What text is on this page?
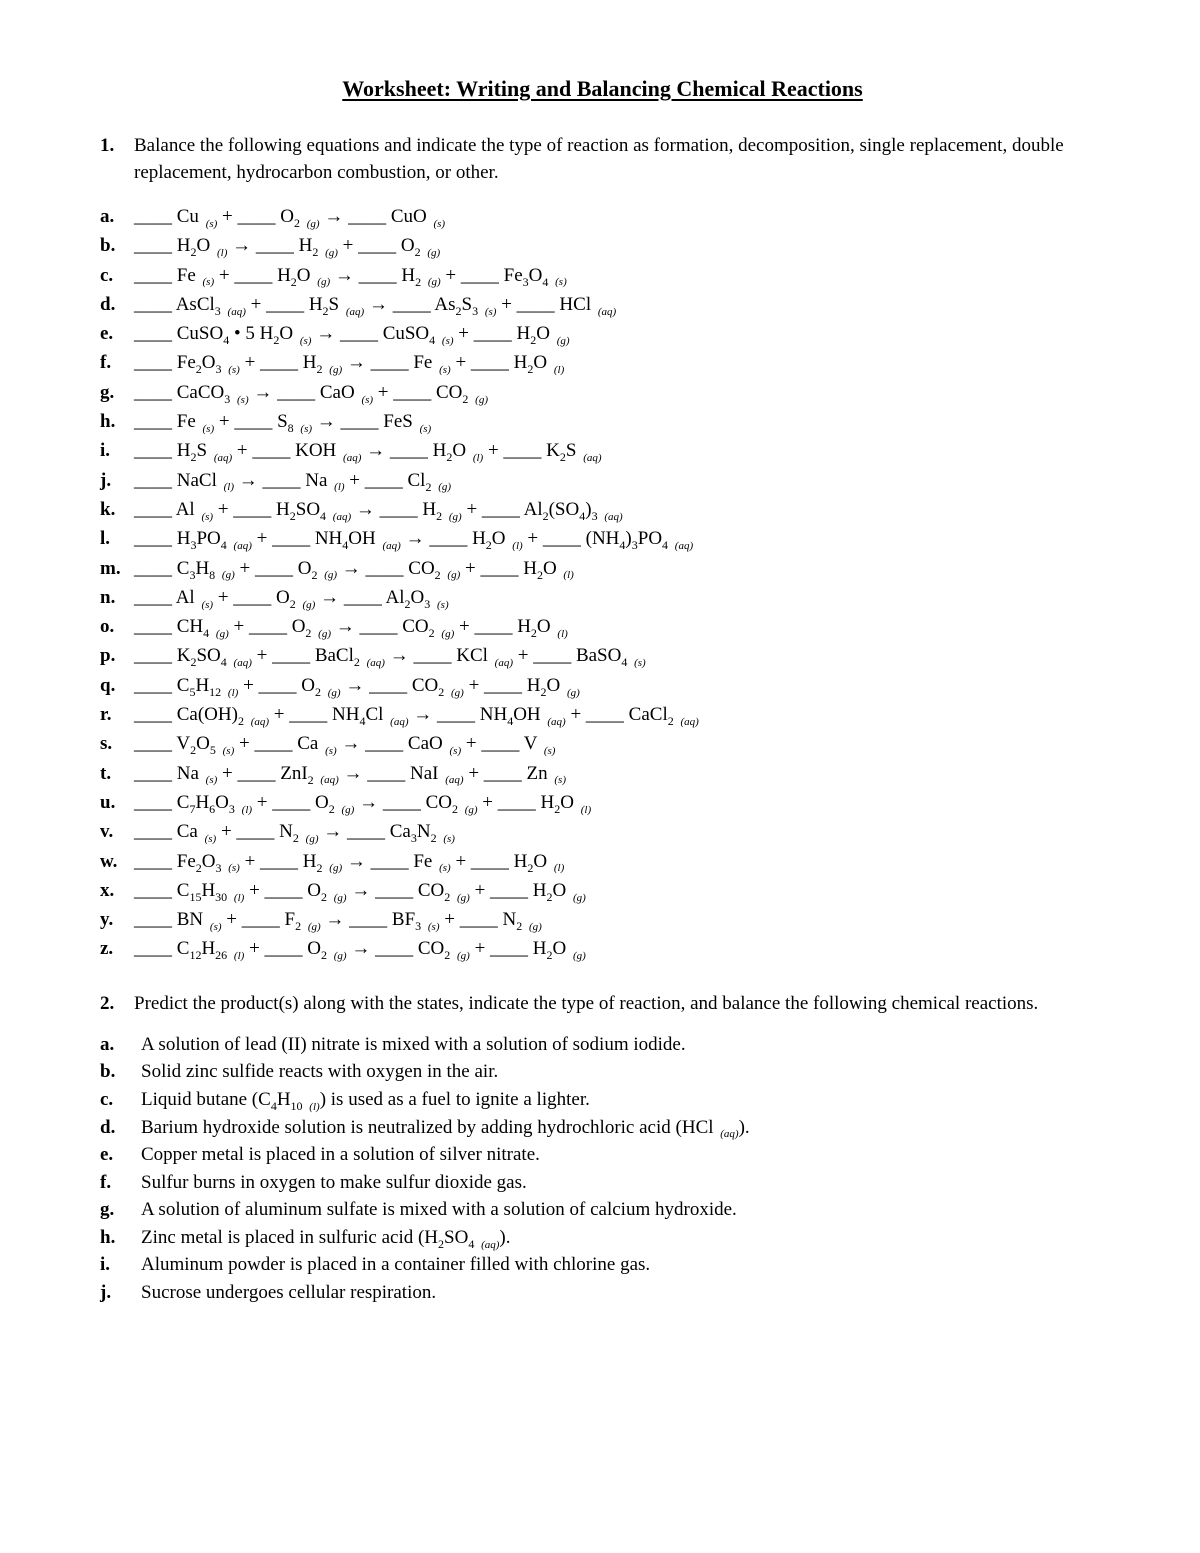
Worksheet: Writing and Balancing Chemical Reactions
1.	Balance the following equations and indicate the type of reaction as formation, decomposition, single replacement, double replacement, hydrocarbon combustion, or other.
a.	____ Cu $_{(s)}$ + ____ $O_2$ $_{(g)}$ → ____ CuO $_{(s)}$
b. ____ $H_2O$ $_{(l)}$ → ____ $H_2$ $_{(g)}$ + ____ $O_2$ $_{(g)}$
c.	____ Fe $_{(s)}$ + ____ $H_2O$ $_{(g)}$ → ____ $H_2$ $_{(g)}$ + ____ $Fe_3O_4$ $_{(s)}$
d. ____ AsCl$_3$ $_{(aq)}$ + ____ $H_2S$ $_{(aq)}$ → ____ $As_2S_3$ $_{(s)}$ + ____ HCl $_{(aq)}$
e.	____ CuSO$_4$ • 5 $H_2O$ $_{(s)}$ → ____ CuSO$_4$ $_{(s)}$ + ____ $H_2O$ $_{(g)}$
f.	____ $Fe_2O_3$ $_{(s)}$ + ____ $H_2$ $_{(g)}$ → ____ Fe $_{(s)}$ + ____ $H_2O$ $_{(l)}$
g.	____ CaCO$_3$ $_{(s)}$ → ____ CaO $_{(s)}$ + ____ $CO_2$ $_{(g)}$
h. ____ Fe $_{(s)}$ + ____ $S_8$ $_{(s)}$ → ____ FeS $_{(s)}$
i.	____ $H_2S$ $_{(aq)}$ + ____ KOH $_{(aq)}$ → ____ $H_2O$ $_{(l)}$ + ____ $K_2S$ $_{(aq)}$
j.	____ NaCl $_{(l)}$ → ____ Na $_{(l)}$ + ____ $Cl_2$ $_{(g)}$
k. ____ Al $_{(s)}$ + ____ $H_2SO_4$ $_{(aq)}$ → ____ $H_2$ $_{(g)}$ + ____ $Al_2(SO_4)_3$ $_{(aq)}$
l.	____ $H_3PO_4$ $_{(aq)}$ + ____ $NH_4OH$ $_{(aq)}$ → ____ $H_2O$ $_{(l)}$ + ____ $(NH_4)_3PO_4$ $_{(aq)}$
m. ____ $C_3H_8$ $_{(g)}$ + ____ $O_2$ $_{(g)}$ → ____ $CO_2$ $_{(g)}$ + ____ $H_2O$ $_{(l)}$
n. ____ Al $_{(s)}$ + ____ $O_2$ $_{(g)}$ → ____ $Al_2O_3$ $_{(s)}$
o.	____ $CH_4$ $_{(g)}$ + ____ $O_2$ $_{(g)}$ → ____ $CO_2$ $_{(g)}$ + ____ $H_2O$ $_{(l)}$
p. ____ $K_2SO_4$ $_{(aq)}$ + ____ BaCl$_2$ $_{(aq)}$ → ____ KCl $_{(aq)}$ + ____ BaSO$_4$ $_{(s)}$
q. ____ $C_5H_{12}$ $_{(l)}$ + ____ $O_2$ $_{(g)}$ → ____ $CO_2$ $_{(g)}$ + ____ $H_2O$ $_{(g)}$
r.	____ $Ca(OH)_2$ $_{(aq)}$ + ____ $NH_4Cl$ $_{(aq)}$ → ____ $NH_4OH$ $_{(aq)}$ + ____ CaCl$_2$ $_{(aq)}$
s.	____ $V_2O_5$ $_{(s)}$ + ____ Ca $_{(s)}$ → ____ CaO $_{(s)}$ + ____ V $_{(s)}$
t.	____ Na $_{(s)}$ + ____ ZnI$_2$ $_{(aq)}$ → ____ NaI $_{(aq)}$ + ____ Zn $_{(s)}$
u. ____ $C_7H_6O_3$ $_{(l)}$ + ____ $O_2$ $_{(g)}$ → ____ $CO_2$ $_{(g)}$ + ____ $H_2O$ $_{(l)}$
v.	____ Ca $_{(s)}$ + ____ $N_2$ $_{(g)}$ → ____ $Ca_3N_2$ $_{(s)}$
w. ____ $Fe_2O_3$ $_{(s)}$ + ____ $H_2$ $_{(g)}$ → ____ Fe $_{(s)}$ + ____ $H_2O$ $_{(l)}$
x.	____ $C_{15}H_{30}$ $_{(l)}$ + ____ $O_2$ $_{(g)}$ → ____ $CO_2$ $_{(g)}$ + ____ $H_2O$ $_{(g)}$
y.	____ BN $_{(s)}$ + ____ $F_2$ $_{(g)}$ → ____ $BF_3$ $_{(s)}$ + ____ $N_2$ $_{(g)}$
z.	____ $C_{12}H_{26}$ $_{(l)}$ + ____ $O_2$ $_{(g)}$ → ____ $CO_2$ $_{(g)}$ + ____ $H_2O$ $_{(g)}$
2.	Predict the product(s) along with the states, indicate the type of reaction, and balance the following chemical reactions.
a.	A solution of lead (II) nitrate is mixed with a solution of sodium iodide.
b.	Solid zinc sulfide reacts with oxygen in the air.
c.	Liquid butane ($C_4H_{10}$ $_{(l)}$) is used as a fuel to ignite a lighter.
d.	Barium hydroxide solution is neutralized by adding hydrochloric acid (HCl $_{(aq)}$).
e.	Copper metal is placed in a solution of silver nitrate.
f.	Sulfur burns in oxygen to make sulfur dioxide gas.
g.	A solution of aluminum sulfate is mixed with a solution of calcium hydroxide.
h.	Zinc metal is placed in sulfuric acid ($H_2SO_4$ $_{(aq)}$).
i.	Aluminum powder is placed in a container filled with chlorine gas.
j.	Sucrose undergoes cellular respiration.
